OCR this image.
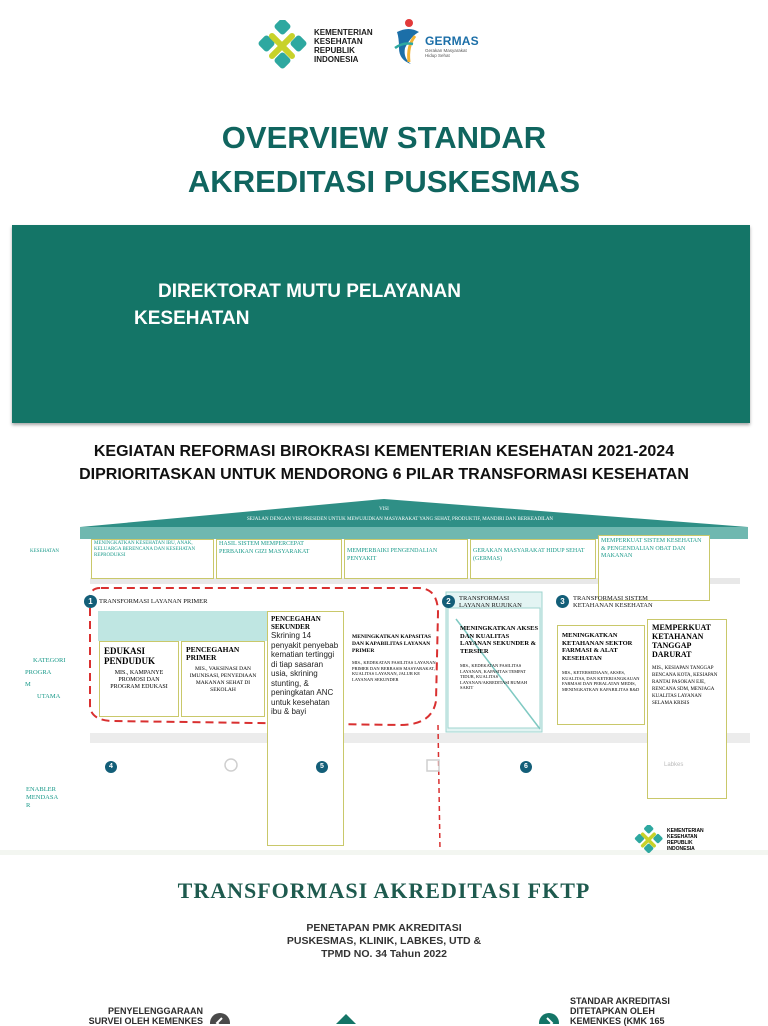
KEMENTERIAN
KESEHATAN
REPUBLIK
INDONESIA
GERMAS
Gerakan Masyarakat
Hidup Sehat
OVERVIEW STANDAR
AKREDITASI PUSKESMAS
DIREKTORAT MUTU PELAYANAN
KESEHATAN
KEGIATAN REFORMASI BIROKRASI KEMENTERIAN KESEHATAN 2021-2024
DIPRIORITASKAN UNTUK MENDORONG 6 PILAR TRANSFORMASI KESEHATAN
VISI
SEJALAN DENGAN VISI PRESIDEN UNTUK MEWUJUDKAN MASYARAKAT YANG SEHAT, PRODUKTIF, MANDIRI DAN BERKEADILAN
KESEHATAN
KATEGORI
PROGRA
M
UTAMA
ENABLER
MENDASA
R
MENINGKATKAN KESEHATAN IBU, ANAK, KELUARGA BERENCANA DAN KESEHATAN REPRODUKSI
HASIL SISTEM MEMPERCEPAT PERBAIKAN GIZI MASYARAKAT	MEMPERBAIKI PENGENDALIAN PENYAKIT
GERAKAN MASYARAKAT HIDUP SEHAT (GERMAS)
MEMPERKUAT SISTEM KESEHATAN & PENGENDALIAN OBAT DAN MAKANAN
1 TRANSFORMASI LAYANAN PRIMER	2	TRANSFORMASI
LAYANAN RUJUKAN	3	TRANSFORMASI SISTEM
KETAHANAN KESEHATAN
EDUKASI
PENDUDUK
MIS., KAMPANYE PROMOSI DAN PROGRAM EDUKASI
PENCEGAHAN
PRIMER
MIS., VAKSINASI DAN IMUNISASI, PENYEDIAAN MAKANAN SEHAT DI SEKOLAH
PENCEGAHAN
SEKUNDER
Skrining 14 penyakit penyebab kematian tertinggi di tiap sasaran usia, skrining stunting, & peningkatan ANC untuk kesehatan ibu & bayi
MENINGKATKAN KAPASITAS DAN KAPABILITAS LAYANAN PRIMER
MIS., KEDEKATAN FASILITAS LAYANAN PRIMER DAN BERBASIS MASYARAKAT, KUALITAS LAYANAN, JALUR KE LAYANAN SEKUNDER
MENINGKATKAN AKSES DAN KUALITAS LAYANAN SEKUNDER & TERSIER
MIS., KEDEKATAN FASILITAS LAYANAN, KAPASITAS TEMPAT TIDUR, KUALITAS LAYANAN/AKREDITASI RUMAH SAKIT
MENINGKATKAN KETAHANAN SEKTOR FARMASI & ALAT KESEHATAN
MIS., KETERSEDIAAN, AKSES, KUALITAS, DAN KETERJANGKAUAN FARMASI DAN PERALATAN MEDIS, MENINGKATKAN KAPABILITAS R&D
MEMPERKUAT
KETAHANAN
TANGGAP
DARURAT
MIS., KESIAPAN TANGGAP BENCANA KOTA, KESIAPAN RANTAI PASOKAN EJE, RENCANA SDM, MENJAGA KUALITAS LAYANAN SELAMA KRISIS
4	5	6	Labkes
KEMENTERIAN
KESEHATAN
REPUBLIK
INDONESIA
TRANSFORMASI AKREDITASI FKTP
PENETAPAN PMK AKREDITASI
PUSKESMAS, KLINIK, LABKES, UTD &
TPMD NO. 34 Tahun 2022
PENYELENGGARAAN
SURVEI OLEH KEMENKES
STANDAR AKREDITASI
DITETAPKAN OLEH
KEMENKES (KMK 165
